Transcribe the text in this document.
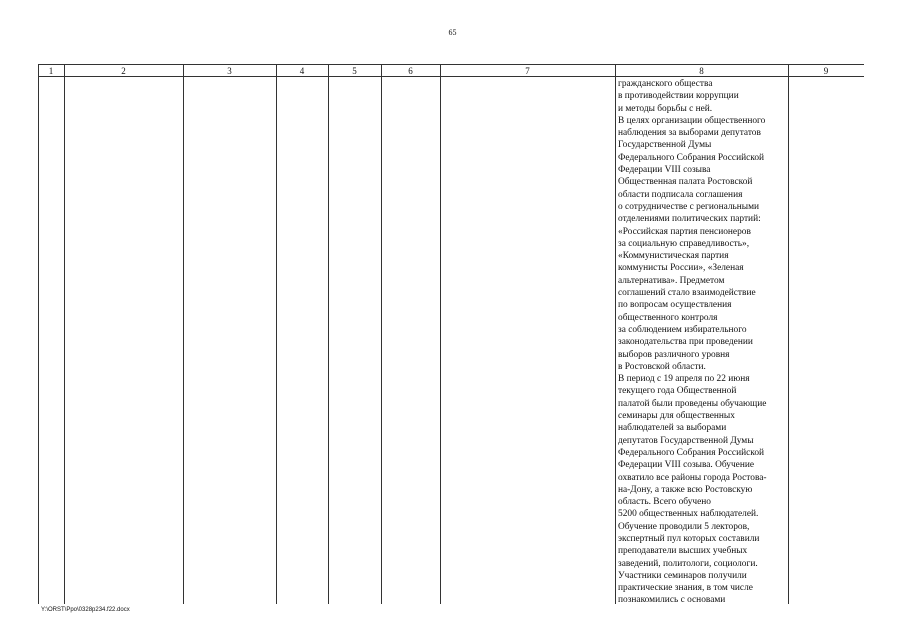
65
1	2	3	4	5	6	7	8	9
гражданского общества
в противодействии коррупции
и методы борьбы с ней.
В целях организации общественного
наблюдения за выборами депутатов
Государственной Думы
Федерального Собрания Российской
Федерации VIII созыва
Общественная палата Ростовской
области подписала соглашения
о сотрудничестве с региональными
отделениями политических партий:
«Российская партия пенсионеров
за социальную справедливость»,
«Коммунистическая партия
коммунисты России», «Зеленая
альтернатива». Предметом
соглашений стало взаимодействие
по вопросам осуществления
общественного контроля
за соблюдением избирательного
законодательства при проведении
выборов различного уровня
в Ростовской области.
В период с 19 апреля по 22 июня
текущего года Общественной
палатой были проведены обучающие
семинары для общественных
наблюдателей за выборами
депутатов Государственной Думы
Федерального Собрания Российской
Федерации VIII созыва. Обучение
охватило все районы города Ростова-
на-Дону, а также всю Ростовскую
область. Всего обучено
5200 общественных наблюдателей.
Обучение проводили 5 лекторов,
экспертный пул которых составили
преподаватели высших учебных
заведений, политологи, социологи.
Участники семинаров получили
практические знания, в том числе
познакомились с основами
Y:\ORST\Ppo\0328p234.f22.docx
